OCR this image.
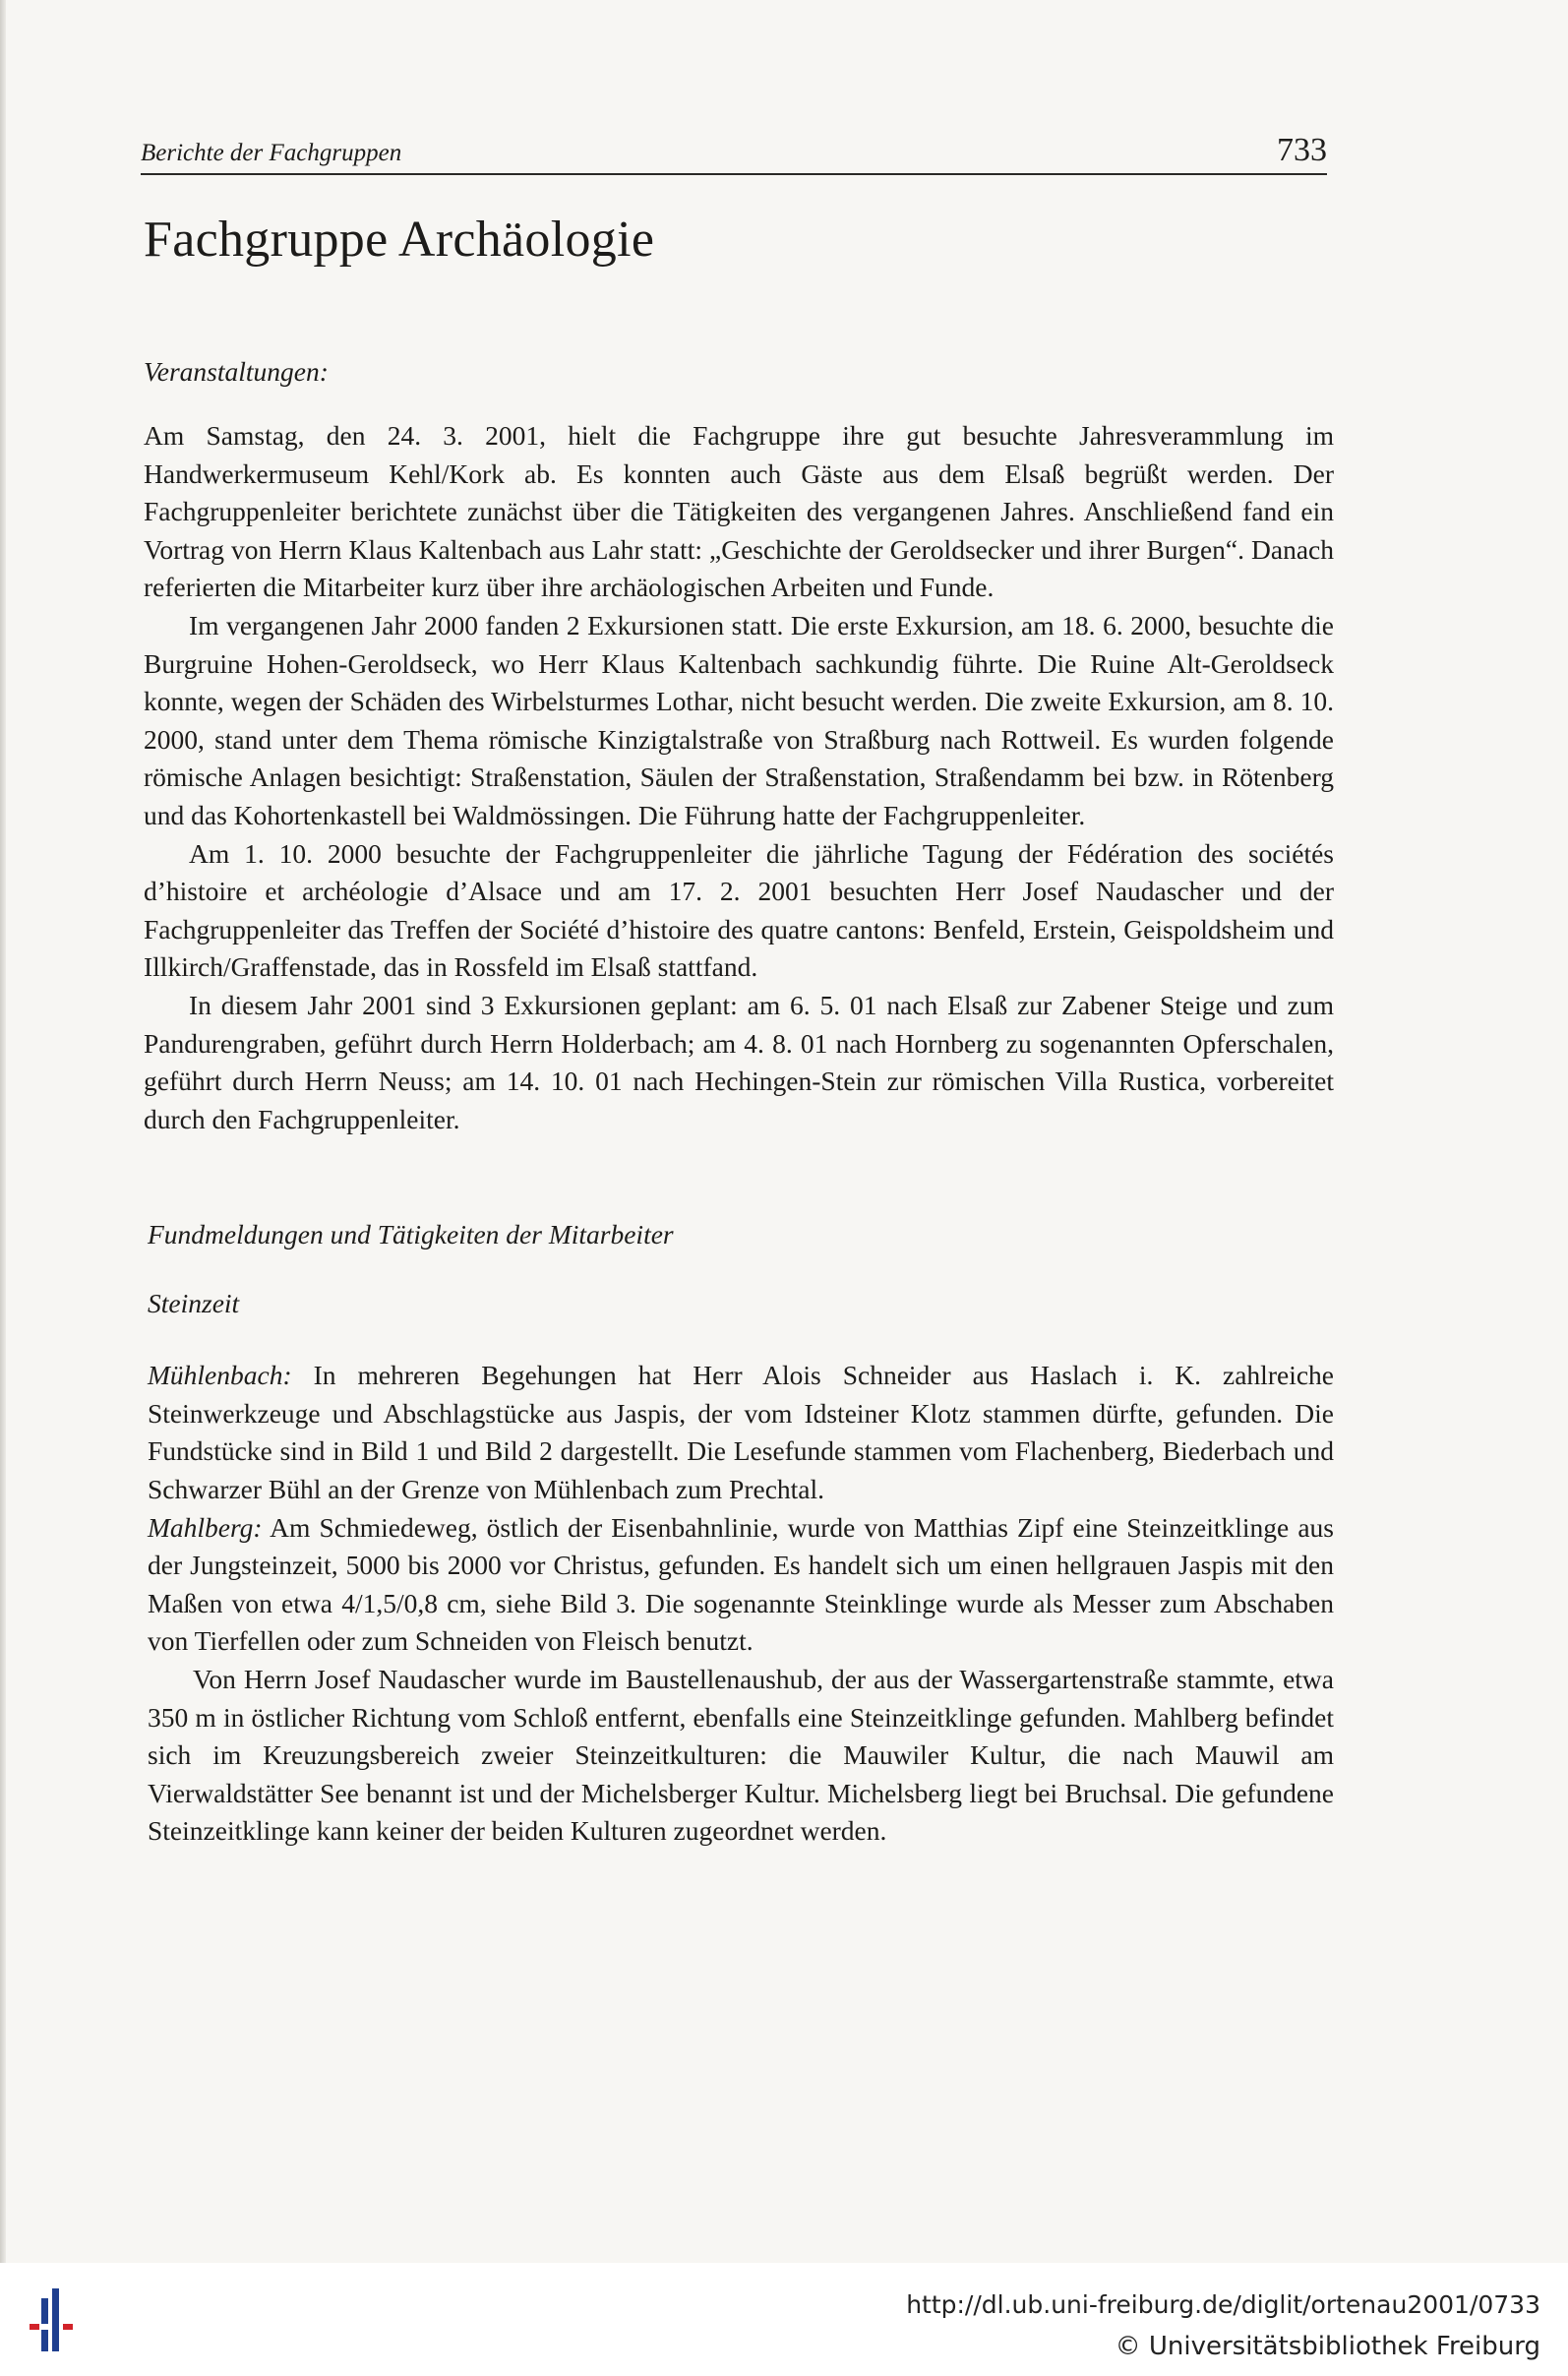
Berichte der Fachgruppen	733
Fachgruppe Archäologie
Veranstaltungen:

Am Samstag, den 24. 3. 2001, hielt die Fachgruppe ihre gut besuchte Jahresverammlung im Handwerkermuseum Kehl/Kork ab. Es konnten auch Gäste aus dem Elsaß begrüßt werden. Der Fachgruppenleiter berichtete zunächst über die Tätigkeiten des vergangenen Jahres. Anschließend fand ein Vortrag von Herrn Klaus Kaltenbach aus Lahr statt: „Geschichte der Geroldsecker und ihrer Burgen“. Danach referierten die Mitarbeiter kurz über ihre archäologischen Arbeiten und Funde.

Im vergangenen Jahr 2000 fanden 2 Exkursionen statt. Die erste Exkursion, am 18. 6. 2000, besuchte die Burgruine Hohen-Geroldseck, wo Herr Klaus Kaltenbach sachkundig führte. Die Ruine Alt-Geroldseck konnte, wegen der Schäden des Wirbelsturmes Lothar, nicht besucht werden. Die zweite Exkursion, am 8. 10. 2000, stand unter dem Thema römische Kinzigtalstraße von Straßburg nach Rottweil. Es wurden folgende römische Anlagen besichtigt: Straßenstation, Säulen der Straßenstation, Straßendamm bei bzw. in Rötenberg und das Kohortenkastell bei Waldmössingen. Die Führung hatte der Fachgruppenleiter.

Am 1. 10. 2000 besuchte der Fachgruppenleiter die jährliche Tagung der Fédération des sociétés d’histoire et archéologie d’Alsace und am 17. 2. 2001 besuchten Herr Josef Naudascher und der Fachgruppenleiter das Treffen der Société d’histoire des quatre cantons: Benfeld, Erstein, Geispoldsheim und Illkirch/Graffenstade, das in Rossfeld im Elsaß stattfand.

In diesem Jahr 2001 sind 3 Exkursionen geplant: am 6. 5. 01 nach Elsaß zur Zabener Steige und zum Pandurengraben, geführt durch Herrn Holderbach; am 4. 8. 01 nach Hornberg zu sogenannten Opferschalen, geführt durch Herrn Neuss; am 14. 10. 01 nach Hechingen-Stein zur römischen Villa Rustica, vorbereitet durch den Fachgruppenleiter.

Fundmeldungen und Tätigkeiten der Mitarbeiter
Steinzeit

Mühlenbach: In mehreren Begehungen hat Herr Alois Schneider aus Haslach i. K. zahlreiche Steinwerkzeuge und Abschlagstücke aus Jaspis, der vom Idsteiner Klotz stammen dürfte, gefunden. Die Fundstücke sind in Bild 1 und Bild 2 dargestellt. Die Lesefunde stammen vom Flachenberg, Biederbach und Schwarzer Bühl an der Grenze von Mühlenbach zum Prechtal.

Mahlberg: Am Schmiedeweg, östlich der Eisenbahnlinie, wurde von Matthias Zipf eine Steinzeitklinge aus der Jungsteinzeit, 5000 bis 2000 vor Christus, gefunden. Es handelt sich um einen hellgrauen Jaspis mit den Maßen von etwa 4/1,5/0,8 cm, siehe Bild 3. Die sogenannte Steinklinge wurde als Messer zum Abschaben von Tierfellen oder zum Schneiden von Fleisch benutzt.

Von Herrn Josef Naudascher wurde im Baustellenaushub, der aus der Wassergartenstraße stammte, etwa 350 m in östlicher Richtung vom Schloß entfernt, ebenfalls eine Steinzeitklinge gefunden. Mahlberg befindet sich im Kreuzungsbereich zweier Steinzeitkulturen: die Mauwiler Kultur, die nach Mauwil am Vierwaldstätter See benannt ist und der Michelsberger Kultur. Michelsberg liegt bei Bruchsal. Die gefundene Steinzeitklinge kann keiner der beiden Kulturen zugeordnet werden.

http://dl.ub.uni-freiburg.de/diglit/ortenau2001/0733
© Universitätsbibliothek Freiburg
